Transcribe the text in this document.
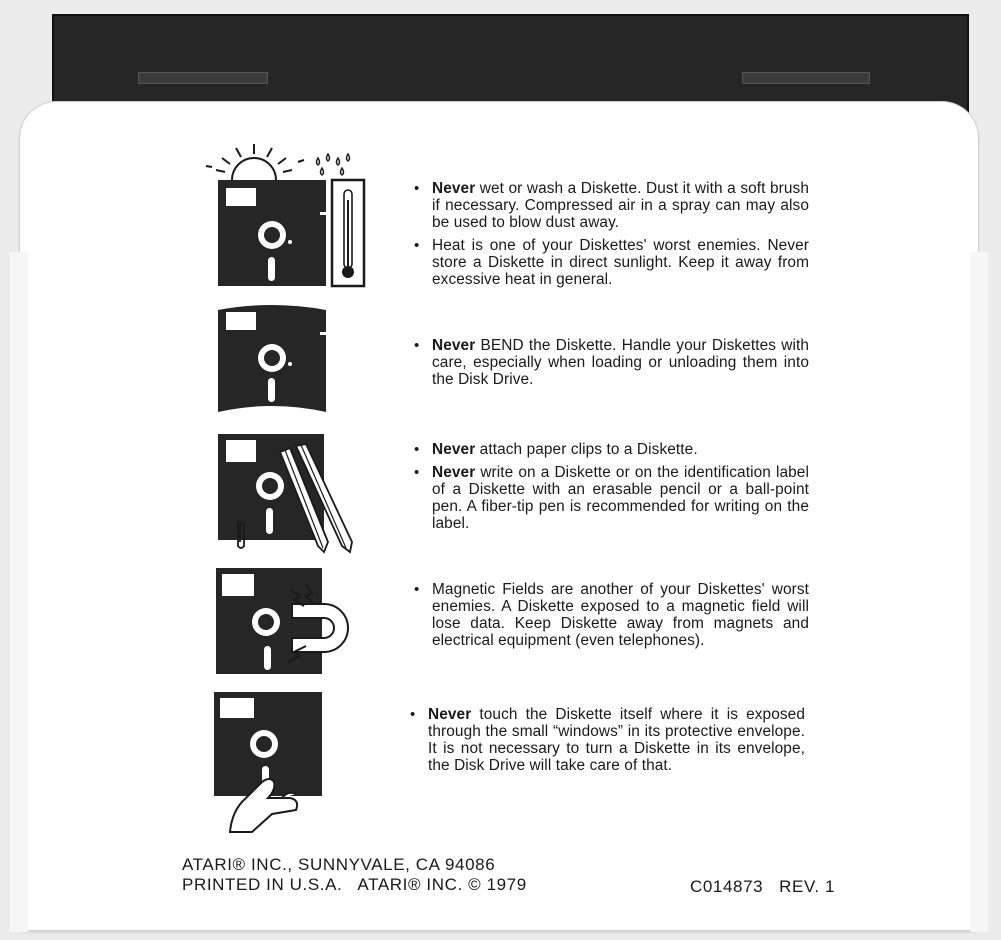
• Never wet or wash a Diskette. Dust it with a soft brush if necessary. Compressed air in a spray can may also be used to blow dust away.
• Heat is one of your Diskettes' worst enemies. Never store a Diskette in direct sunlight. Keep it away from excessive heat in general.
• Never BEND the Diskette. Handle your Diskettes with care, especially when loading or unloading them into the Disk Drive.
• Never attach paper clips to a Diskette.
• Never write on a Diskette or on the identification label of a Diskette with an erasable pencil or a ball-point pen. A fiber-tip pen is recommended for writing on the label.
• Magnetic Fields are another of your Diskettes' worst enemies. A Diskette exposed to a magnetic field will lose data. Keep Diskette away from magnets and electrical equipment (even telephones).
• Never touch the Diskette itself where it is exposed through the small “windows” in its protective envelope. It is not necessary to turn a Diskette in its envelope, the Disk Drive will take care of that.
ATARI® INC., SUNNYVALE, CA 94086
PRINTED IN U.S.A.   ATARI® INC. © 1979	C014873   REV. 1
